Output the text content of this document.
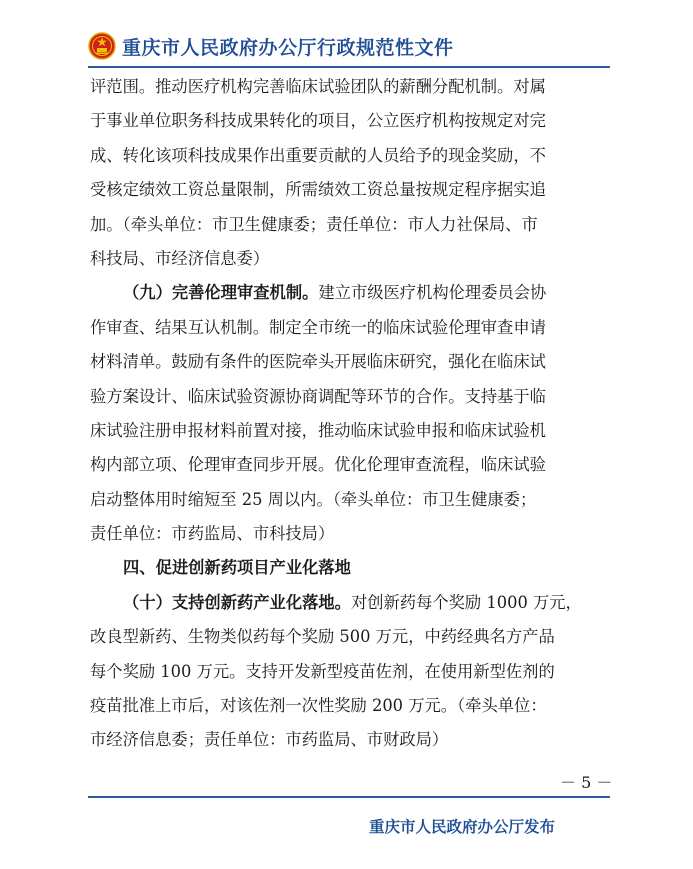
重庆市人民政府办公厅行政规范性文件
评范围。推动医疗机构完善临床试验团队的薪酬分配机制。对属
于事业单位职务科技成果转化的项目，公立医疗机构按规定对完
成、转化该项科技成果作出重要贡献的人员给予的现金奖励，不
受核定绩效工资总量限制，所需绩效工资总量按规定程序据实追
加。（牵头单位：市卫生健康委；责任单位：市人力社保局、市
科技局、市经济信息委）
（九）完善伦理审查机制。建立市级医疗机构伦理委员会协
作审查、结果互认机制。制定全市统一的临床试验伦理审查申请
材料清单。鼓励有条件的医院牵头开展临床研究，强化在临床试
验方案设计、临床试验资源协商调配等环节的合作。支持基于临
床试验注册申报材料前置对接，推动临床试验申报和临床试验机
构内部立项、伦理审查同步开展。优化伦理审查流程，临床试验
启动整体用时缩短至 25 周以内。（牵头单位：市卫生健康委；
责任单位：市药监局、市科技局）
四、促进创新药项目产业化落地
（十）支持创新药产业化落地。对创新药每个奖励 1000 万元，
改良型新药、生物类似药每个奖励 500 万元，中药经典名方产品
每个奖励 100 万元。支持开发新型疫苗佐剂，在使用新型佐剂的
疫苗批准上市后，对该佐剂一次性奖励 200 万元。（牵头单位：
市经济信息委；责任单位：市药监局、市财政局）
－ 5 －
重庆市人民政府办公厅发布
